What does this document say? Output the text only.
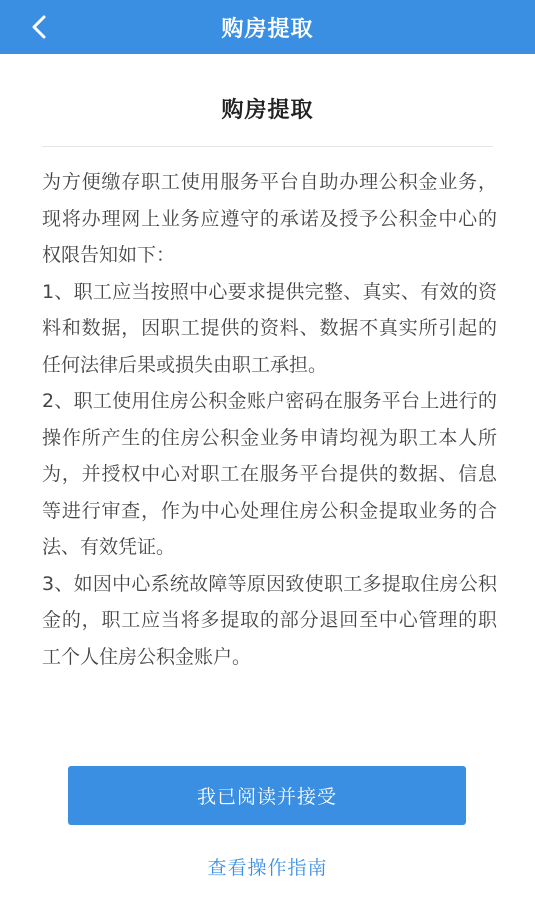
购房提取
购房提取

为方便缴存职工使用服务平台自助办理公积金业务，现将办理网上业务应遵守的承诺及授予公积金中心的权限告知如下：

1、职工应当按照中心要求提供完整、真实、有效的资料和数据，因职工提供的资料、数据不真实所引起的任何法律后果或损失由职工承担。

2、职工使用住房公积金账户密码在服务平台上进行的操作所产生的住房公积金业务申请均视为职工本人所为，并授权中心对职工在服务平台提供的数据、信息等进行审查，作为中心处理住房公积金提取业务的合法、有效凭证。

3、如因中心系统故障等原因致使职工多提取住房公积金的，职工应当将多提取的部分退回至中心管理的职工个人住房公积金账户。

我已阅读并接受
查看操作指南
